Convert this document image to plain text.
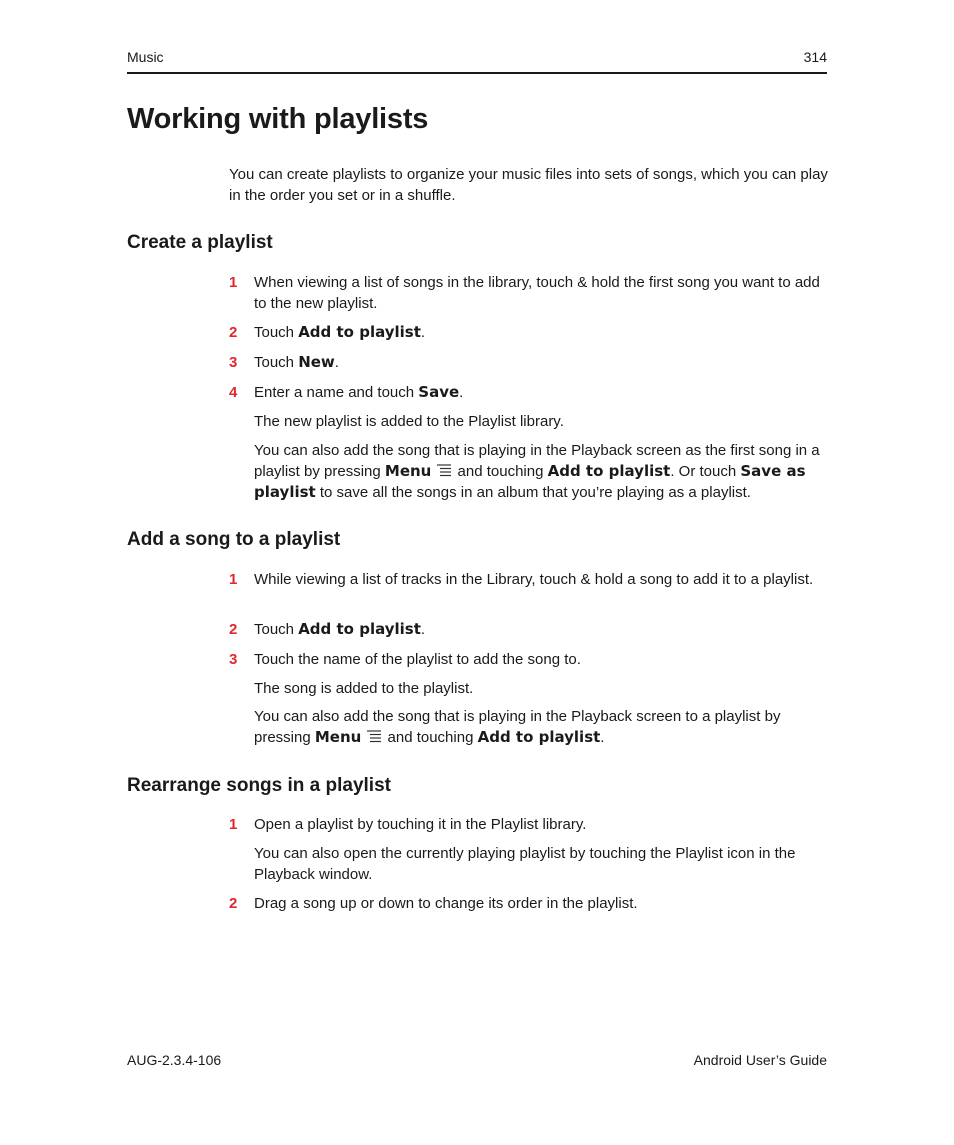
Music	314
Working with playlists

You can create playlists to organize your music files into sets of songs, which you can play in the order you set or in a shuffle.

Create a playlist
1 When viewing a list of songs in the library, touch & hold the first song you want to add to the new playlist.
2 Touch Add to playlist.
3 Touch New.
4 Enter a name and touch Save.

The new playlist is added to the Playlist library.

You can also add the song that is playing in the Playback screen as the first song in a playlist by pressing Menu and touching Add to playlist. Or touch Save as playlist to save all the songs in an album that you’re playing as a playlist.

Add a song to a playlist
1 While viewing a list of tracks in the Library, touch & hold a song to add it to a playlist.
2 Touch Add to playlist.
3 Touch the name of the playlist to add the song to.

The song is added to the playlist.

You can also add the song that is playing in the Playback screen to a playlist by pressing Menu and touching Add to playlist.

Rearrange songs in a playlist
1 Open a playlist by touching it in the Playlist library.

You can also open the currently playing playlist by touching the Playlist icon in the Playback window.

2 Drag a song up or down to change its order in the playlist.
AUG-2.3.4-106	Android User’s Guide
